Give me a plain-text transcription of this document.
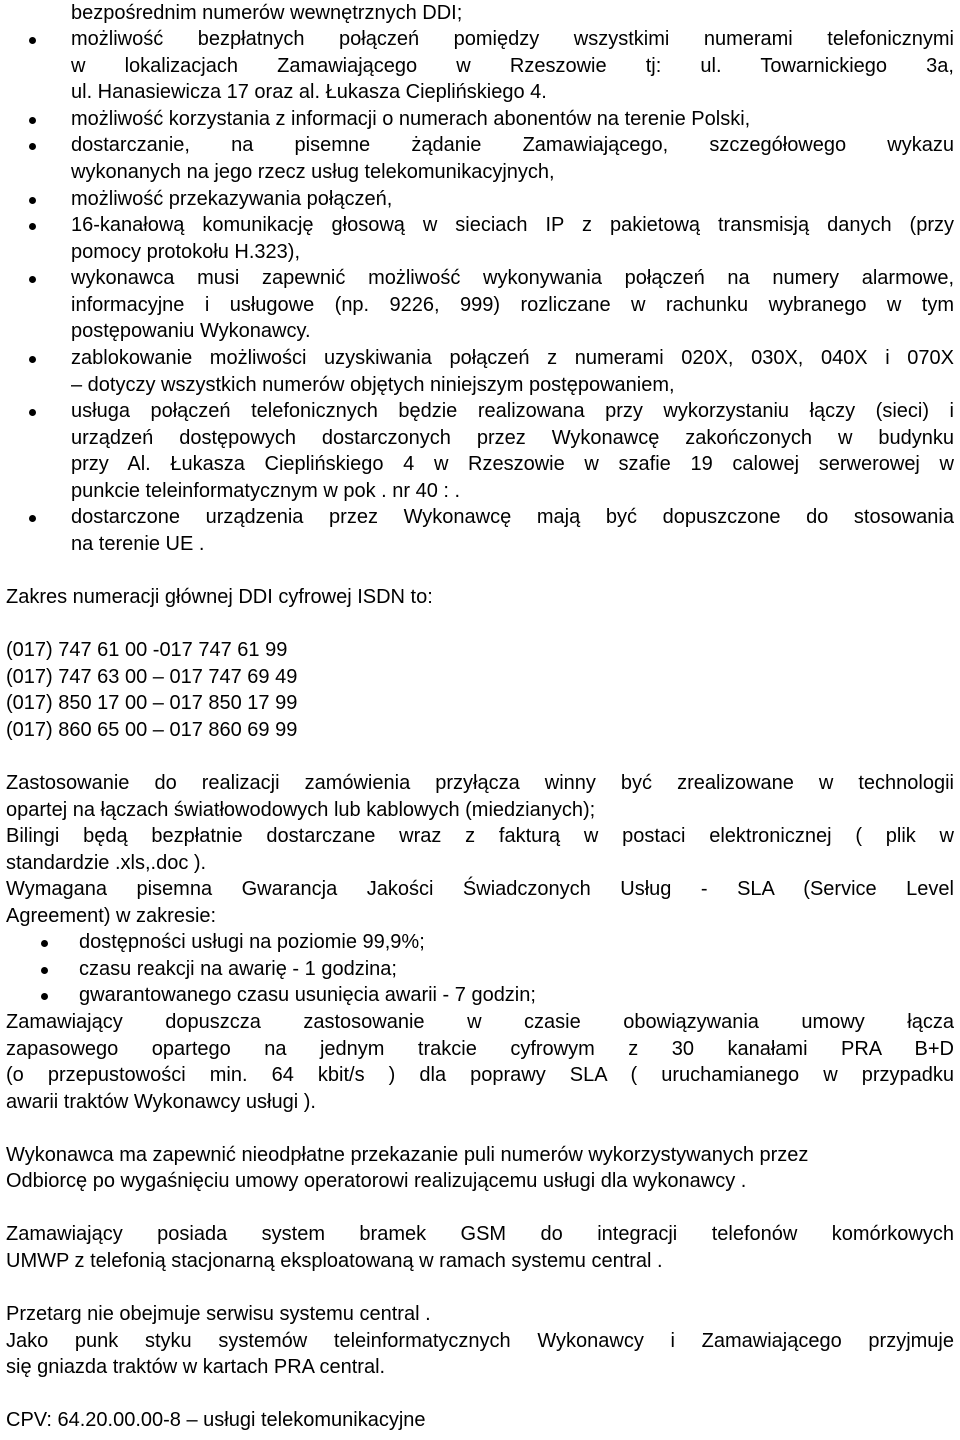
bezpośrednim numerów wewnętrznych DDI;
możliwość bezpłatnych połączeń pomiędzy wszystkimi numerami telefonicznymi
w lokalizacjach Zamawiającego w Rzeszowie tj: ul. Towarnickiego 3a,
ul. Hanasiewicza 17 oraz al. Łukasza Cieplińskiego 4.
możliwość korzystania z informacji o numerach abonentów na terenie Polski,
dostarczanie, na pisemne żądanie Zamawiającego, szczegółowego wykazu
wykonanych na jego rzecz usług telekomunikacyjnych,
możliwość przekazywania połączeń,
16-kanałową komunikację głosową w sieciach IP z pakietową transmisją danych (przy
pomocy protokołu H.323),
wykonawca musi zapewnić możliwość wykonywania połączeń na numery alarmowe,
informacyjne i usługowe (np. 9226, 999) rozliczane w rachunku wybranego w tym
postępowaniu Wykonawcy.
zablokowanie możliwości uzyskiwania połączeń z numerami 020X, 030X, 040X i 070X
– dotyczy wszystkich numerów objętych niniejszym postępowaniem,
usługa połączeń telefonicznych będzie realizowana przy wykorzystaniu łączy (sieci) i
urządzeń dostępowych dostarczonych przez Wykonawcę zakończonych w budynku
przy Al. Łukasza Cieplińskiego 4 w Rzeszowie w szafie 19 calowej serwerowej w
punkcie teleinformatycznym w pok . nr 40 : .
dostarczone urządzenia przez Wykonawcę mają być dopuszczone do stosowania
na terenie UE .
Zakres numeracji głównej DDI cyfrowej ISDN to:
(017) 747 61 00 -017 747 61 99
(017) 747 63 00 – 017 747 69 49
(017) 850 17 00 – 017 850 17 99
(017) 860 65 00 – 017 860 69 99
Zastosowanie do realizacji zamówienia przyłącza winny być zrealizowane w technologii
opartej na łączach światłowodowych lub kablowych (miedzianych);
Bilingi będą bezpłatnie dostarczane wraz z fakturą w postaci elektronicznej ( plik w
standardzie .xls,.doc ).
Wymagana pisemna Gwarancja Jakości Świadczonych Usług - SLA (Service Level
Agreement) w zakresie:
dostępności usługi na poziomie 99,9%;
czasu reakcji na awarię - 1 godzina;
gwarantowanego czasu usunięcia awarii - 7 godzin;
Zamawiający dopuszcza zastosowanie w czasie obowiązywania umowy łącza
zapasowego opartego na jednym trakcie cyfrowym z 30 kanałami PRA B+D
(o przepustowości min. 64 kbit/s ) dla poprawy SLA ( uruchamianego w przypadku
awarii traktów Wykonawcy usługi ).
Wykonawca ma zapewnić nieodpłatne przekazanie puli numerów wykorzystywanych przez
Odbiorcę po wygaśnięciu umowy operatorowi realizującemu usługi dla wykonawcy .
Zamawiający posiada system bramek GSM do integracji telefonów komórkowych
UMWP z telefonią stacjonarną eksploatowaną w ramach systemu central .
Przetarg nie obejmuje serwisu systemu central .
Jako punk styku systemów teleinformatycznych Wykonawcy i Zamawiającego przyjmuje
się gniazda traktów w kartach PRA central.
CPV: 64.20.00.00-8 – usługi telekomunikacyjne
